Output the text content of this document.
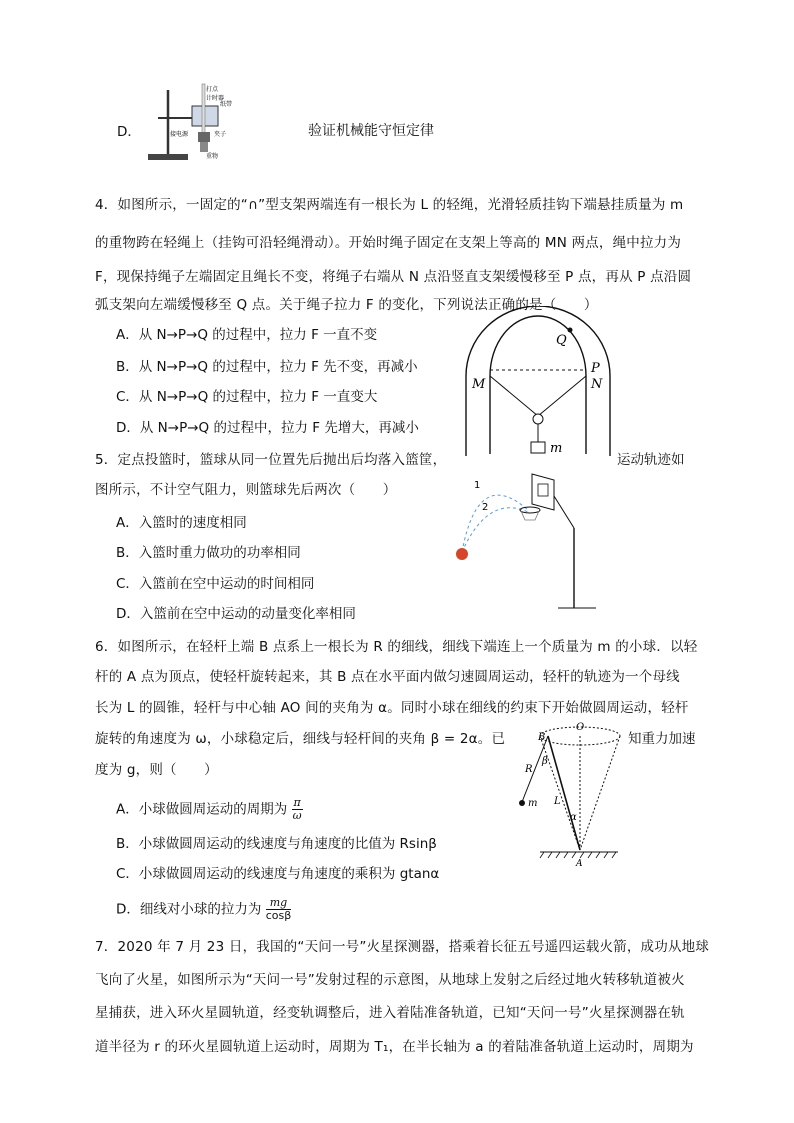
D．
打点
计时器
纸带
接电源	夹子
重物
验证机械能守恒定律
4．如图所示，一固定的“∩”型支架两端连有一根长为 L 的轻绳，光滑轻质挂钩下端悬挂质量为 m
的重物跨在轻绳上（挂钩可沿轻绳滑动）。开始时绳子固定在支架上等高的 MN 两点，绳中拉力为
F，现保持绳子左端固定且绳长不变，将绳子右端从 N 点沿竖直支架缓慢移至 P 点，再从 P 点沿圆
弧支架向左端缓慢移至 Q 点。关于绳子拉力 F 的变化，下列说法正确的是（　　）
A．从 N→P→Q 的过程中，拉力 F 一直不变
B．从 N→P→Q 的过程中，拉力 F 先不变，再减小
C．从 N→P→Q 的过程中，拉力 F 一直变大
D．从 N→P→Q 的过程中，拉力 F 先增大，再减小
Q
P
M	N
m
5．定点投篮时，篮球从同一位置先后抛出后均落入篮筐，	运动轨迹如
图所示，不计空气阻力，则篮球先后两次（　　）
A．入篮时的速度相同
B．入篮时重力做功的功率相同
C．入篮前在空中运动的时间相同
D．入篮前在空中运动的动量变化率相同
1
2
6．如图所示，在轻杆上端 B 点系上一根长为 R 的细线，细线下端连上一个质量为 m 的小球．以轻
杆的 A 点为顶点，使轻杆旋转起来，其 B 点在水平面内做匀速圆周运动，轻杆的轨迹为一个母线
长为 L 的圆锥，轻杆与中心轴 AO 间的夹角为 α。同时小球在细线的约束下开始做圆周运动，轻杆
旋转的角速度为 ω，小球稳定后，细线与轻杆间的夹角 β = 2α。已	知重力加速
度为 g，则（　　）
A．小球做圆周运动的周期为 $\frac{\pi}{\omega}$
B．小球做圆周运动的线速度与角速度的比值为 Rsinβ
C．小球做圆周运动的线速度与角速度的乘积为 gtanα
D．细线对小球的拉力为 $\frac{mg}{\cos\beta}$
B
O
R
β
m L
α
A
7．2020 年 7 月 23 日，我国的“天问一号”火星探测器，搭乘着长征五号遥四运载火箭，成功从地球
飞向了火星，如图所示为“天问一号”发射过程的示意图，从地球上发射之后经过地火转移轨道被火
星捕获，进入环火星圆轨道，经变轨调整后，进入着陆准备轨道，已知“天问一号”火星探测器在轨
道半径为 r 的环火星圆轨道上运动时，周期为 T₁，在半长轴为 a 的着陆准备轨道上运动时，周期为
